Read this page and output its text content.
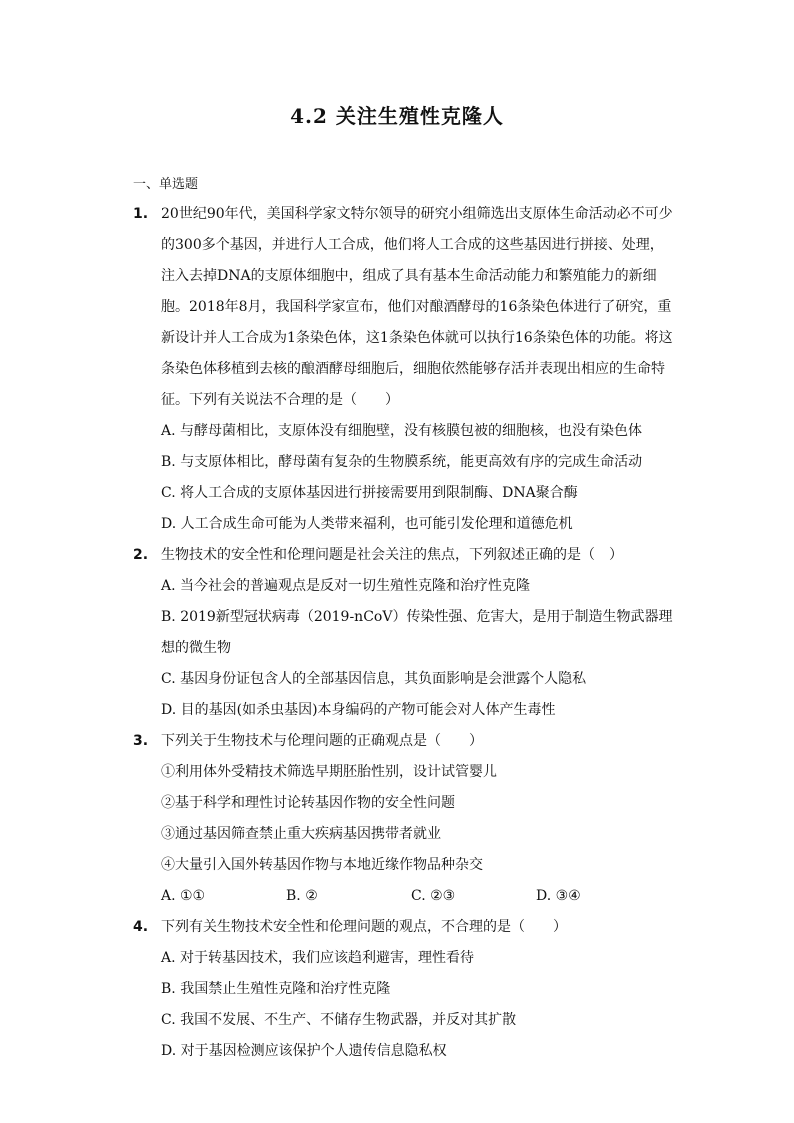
4.2 关注生殖性克隆人
一、单选题
1. 20世纪90年代，美国科学家文特尔领导的研究小组筛选出支原体生命活动必不可少的300多个基因，并进行人工合成，他们将人工合成的这些基因进行拼接、处理，注入去掉DNA的支原体细胞中，组成了具有基本生命活动能力和繁殖能力的新细胞。2018年8月，我国科学家宣布，他们对酿酒酵母的16条染色体进行了研究，重新设计并人工合成为1条染色体，这1条染色体就可以执行16条染色体的功能。将这条染色体移植到去核的酿酒酵母细胞后，细胞依然能够存活并表现出相应的生命特征。下列有关说法不合理的是（　　）
A. 与酵母菌相比，支原体没有细胞壁，没有核膜包被的细胞核，也没有染色体
B. 与支原体相比，酵母菌有复杂的生物膜系统，能更高效有序的完成生命活动
C. 将人工合成的支原体基因进行拼接需要用到限制酶、DNA聚合酶
D. 人工合成生命可能为人类带来福利，也可能引发伦理和道德危机
2. 生物技术的安全性和伦理问题是社会关注的焦点，下列叙述正确的是（　）
A. 当今社会的普遍观点是反对一切生殖性克隆和治疗性克隆
B. 2019新型冠状病毒（2019-nCoV）传染性强、危害大，是用于制造生物武器理想的微生物
C. 基因身份证包含人的全部基因信息，其负面影响是会泄露个人隐私
D. 目的基因(如杀虫基因)本身编码的产物可能会对人体产生毒性
3. 下列关于生物技术与伦理问题的正确观点是（　　）
①利用体外受精技术筛选早期胚胎性别，设计试管婴儿
②基于科学和理性讨论转基因作物的安全性问题
③通过基因筛查禁止重大疾病基因携带者就业
④大量引入国外转基因作物与本地近缘作物品种杂交
A. ①①	B. ②	C. ②③	D. ③④
4. 下列有关生物技术安全性和伦理问题的观点，不合理的是（　　）
A. 对于转基因技术，我们应该趋利避害，理性看待
B. 我国禁止生殖性克隆和治疗性克隆
C. 我国不发展、不生产、不储存生物武器，并反对其扩散
D. 对于基因检测应该保护个人遗传信息隐私权
